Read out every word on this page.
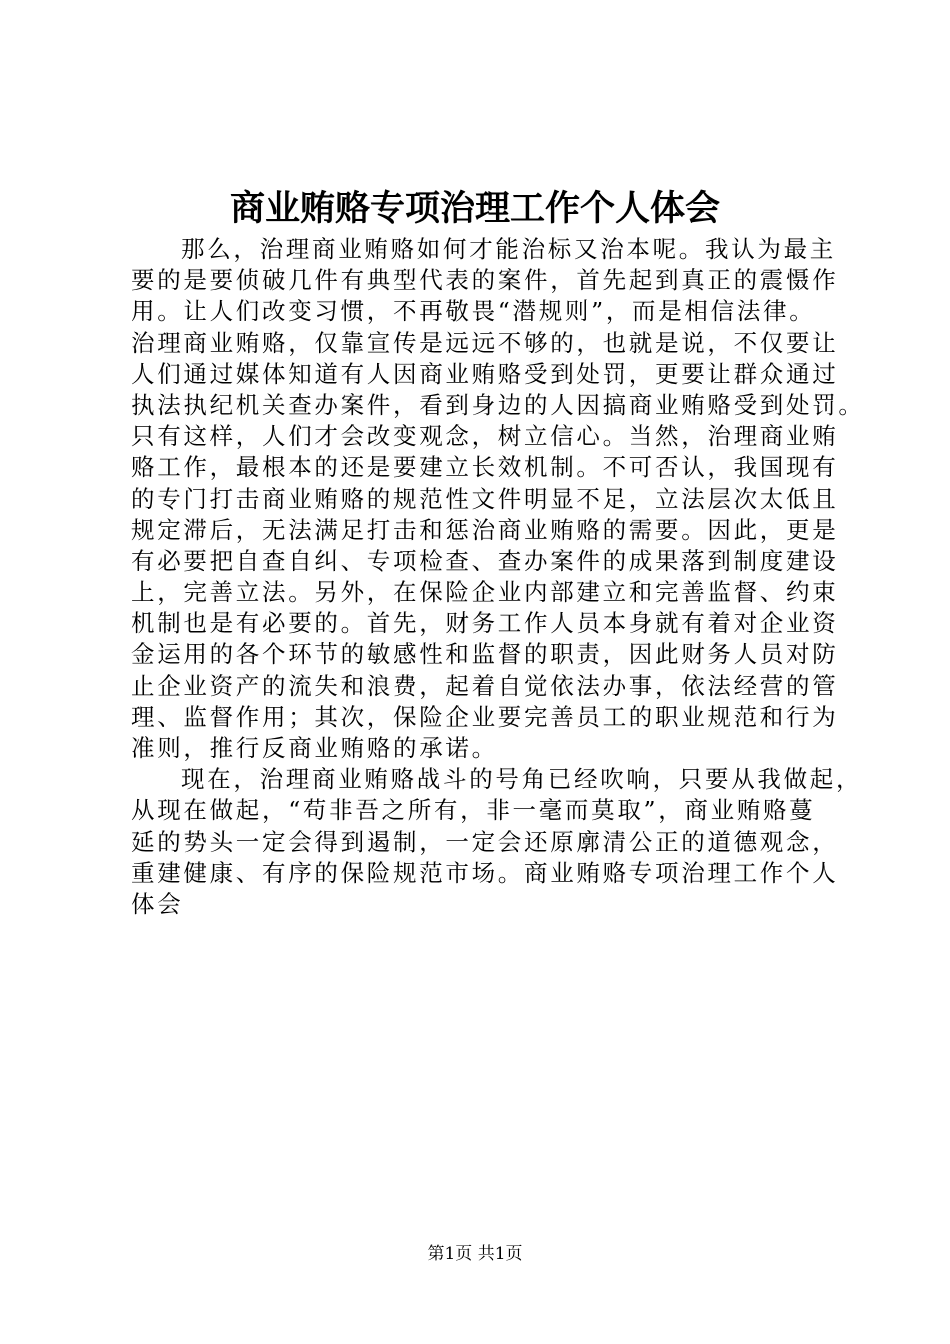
商业贿赂专项治理工作个人体会
那么，治理商业贿赂如何才能治标又治本呢。我认为最主
要的是要侦破几件有典型代表的案件，首先起到真正的震慑作
用。让人们改变习惯，不再敬畏“潜规则”，而是相信法律。
治理商业贿赂，仅靠宣传是远远不够的，也就是说，不仅要让
人们通过媒体知道有人因商业贿赂受到处罚，更要让群众通过
执法执纪机关查办案件，看到身边的人因搞商业贿赂受到处罚。
只有这样，人们才会改变观念，树立信心。当然，治理商业贿
赂工作，最根本的还是要建立长效机制。不可否认，我国现有
的专门打击商业贿赂的规范性文件明显不足，立法层次太低且
规定滞后，无法满足打击和惩治商业贿赂的需要。因此，更是
有必要把自查自纠、专项检查、查办案件的成果落到制度建设
上，完善立法。另外，在保险企业内部建立和完善监督、约束
机制也是有必要的。首先，财务工作人员本身就有着对企业资
金运用的各个环节的敏感性和监督的职责，因此财务人员对防
止企业资产的流失和浪费，起着自觉依法办事，依法经营的管
理、监督作用；其次，保险企业要完善员工的职业规范和行为
准则，推行反商业贿赂的承诺。
现在，治理商业贿赂战斗的号角已经吹响，只要从我做起，
从现在做起，“苟非吾之所有，非一毫而莫取”，商业贿赂蔓
延的势头一定会得到遏制，一定会还原廓清公正的道德观念，
重建健康、有序的保险规范市场。商业贿赂专项治理工作个人
体会
第1页 共1页
